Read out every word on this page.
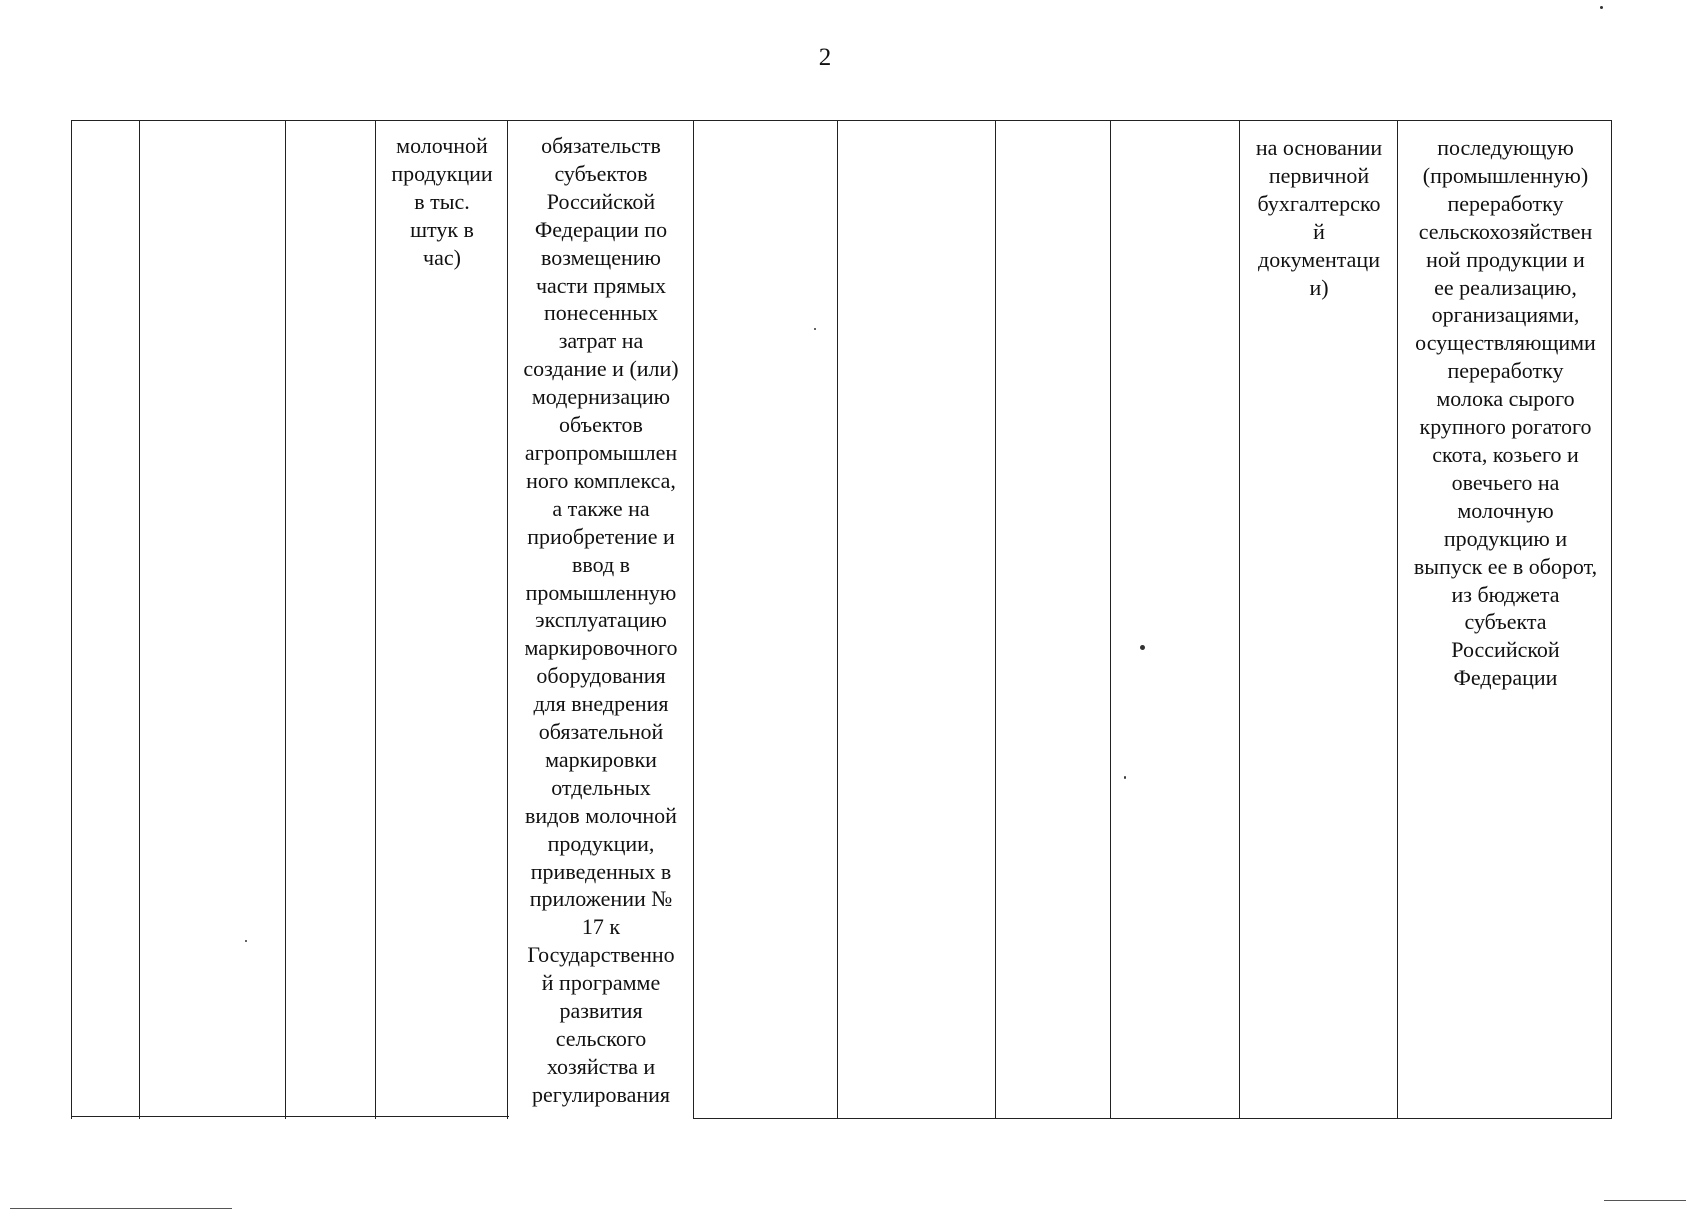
2
молочной
продукции
в тыс.
штук в
час)
обязательств
субъектов
Российской
Федерации по
возмещению
части прямых
понесенных
затрат на
создание и (или)
модернизацию
объектов
агропромышлен
ного комплекса,
а также на
приобретение и
ввод в
промышленную
эксплуатацию
маркировочного
оборудования
для внедрения
обязательной
маркировки
отдельных
видов молочной
продукции,
приведенных в
приложении №
17 к
Государственно
й программе
развития
сельского
хозяйства и
регулирования
на основании
первичной
бухгалтерско
й
документаци
и)
последующую
(промышленную)
переработку
сельскохозяйствен
ной продукции и
ее реализацию,
организациями,
осуществляющими
переработку
молока сырого
крупного рогатого
скота, козьего и
овечьего на
молочную
продукцию и
выпуск ее в оборот,
из бюджета
субъекта
Российской
Федерации
